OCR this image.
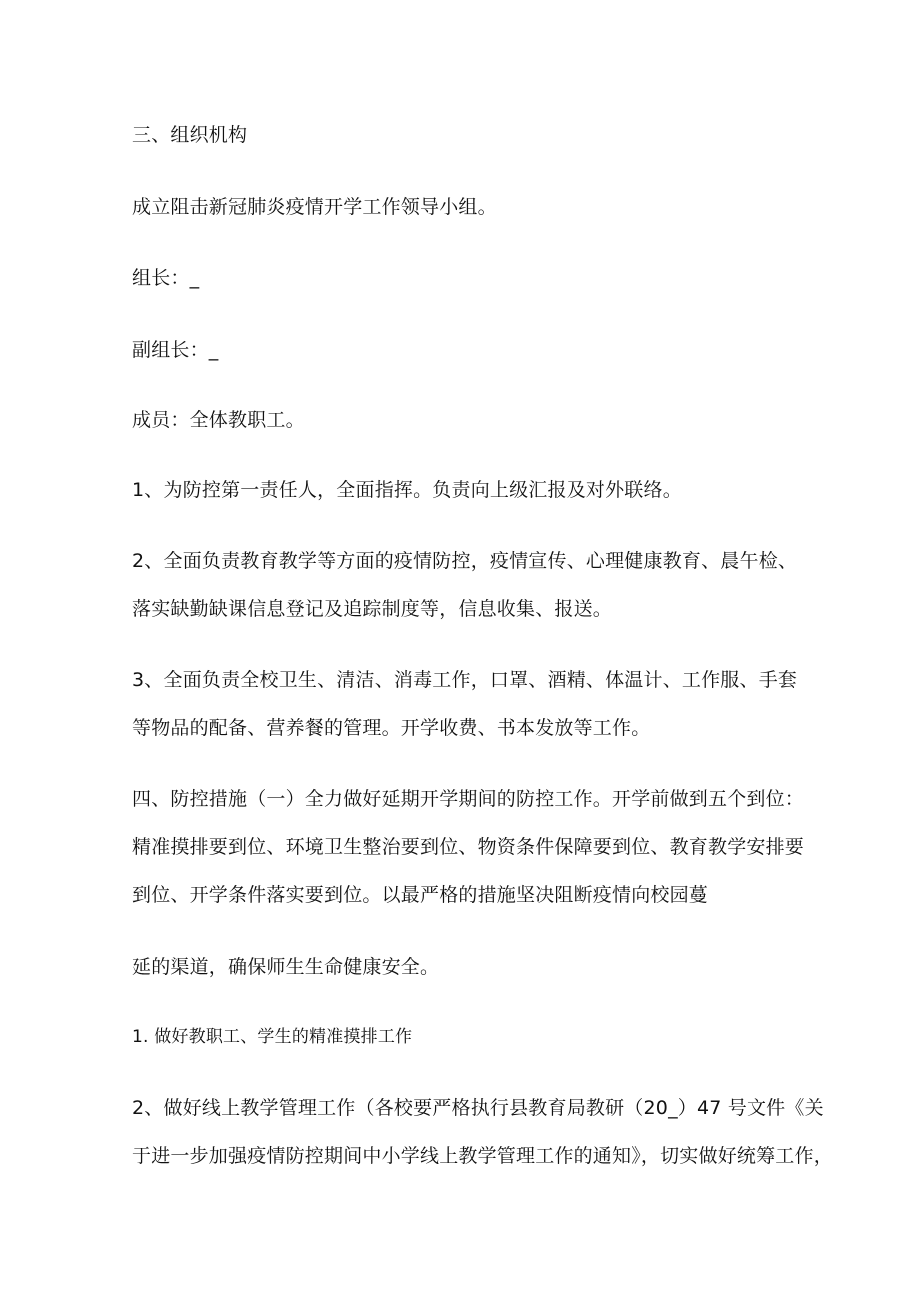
三、组织机构
成立阻击新冠肺炎疫情开学工作领导小组。
组长：_
副组长：_
成员：全体教职工。
1、为防控第一责任人，全面指挥。负责向上级汇报及对外联络。
2、全面负责教育教学等方面的疫情防控，疫情宣传、心理健康教育、晨午检、
落实缺勤缺课信息登记及追踪制度等，信息收集、报送。
3、全面负责全校卫生、清洁、消毒工作，口罩、酒精、体温计、工作服、手套
等物品的配备、营养餐的管理。开学收费、书本发放等工作。
四、防控措施（一）全力做好延期开学期间的防控工作。开学前做到五个到位：
精准摸排要到位、环境卫生整治要到位、物资条件保障要到位、教育教学安排要
到位、开学条件落实要到位。以最严格的措施坚决阻断疫情向校园蔓
延的渠道，确保师生生命健康安全。
1. 做好教职工、学生的精准摸排工作
2、做好线上教学管理工作（各校要严格执行县教育局教研（20_）47 号文件《关
于进一步加强疫情防控期间中小学线上教学管理工作的通知》，切实做好统筹工作，
